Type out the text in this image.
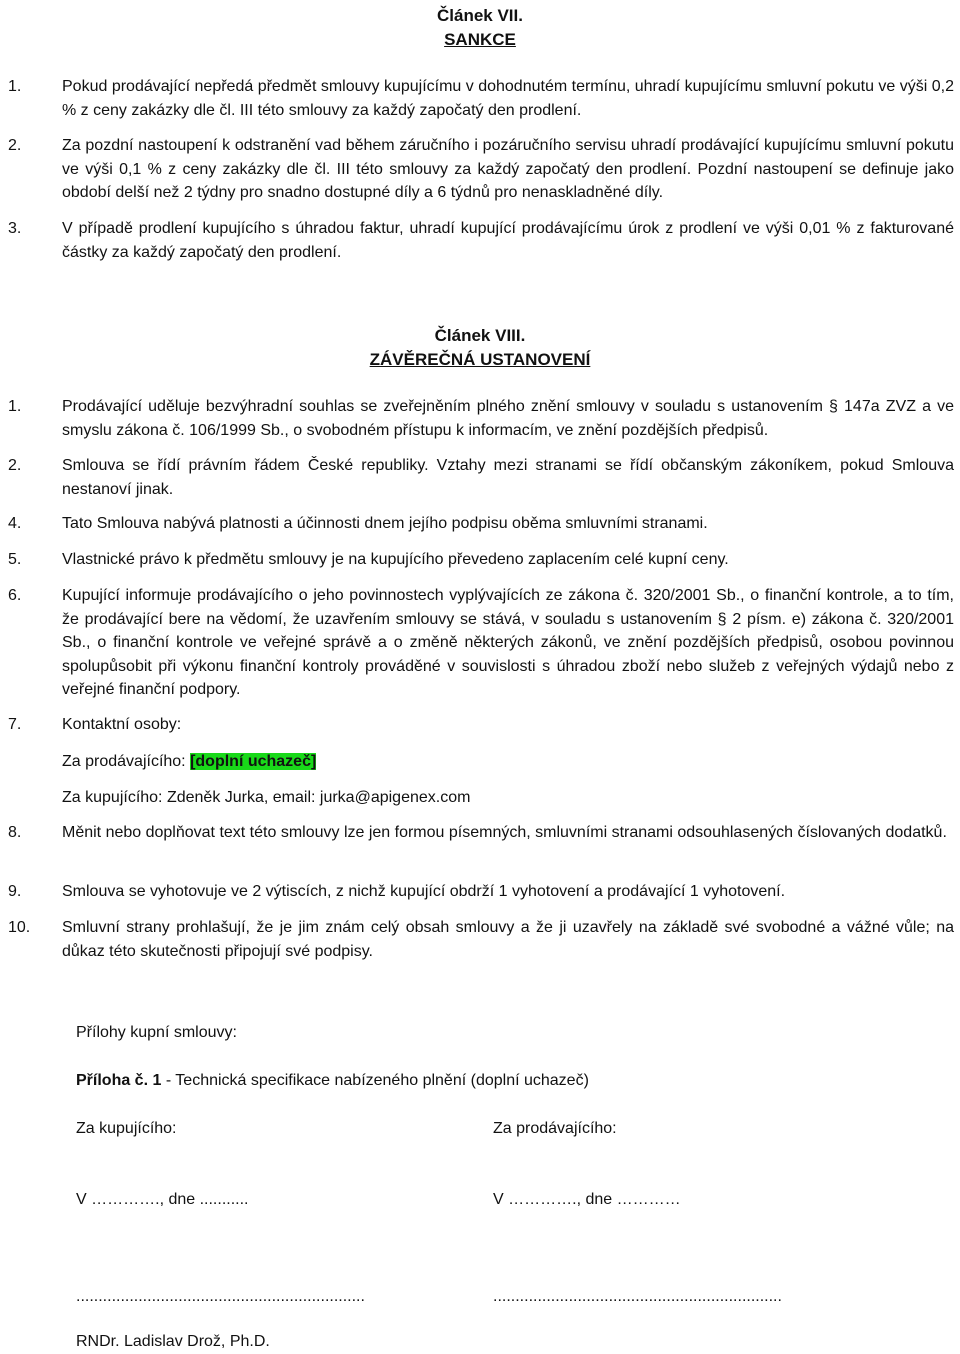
Článek VII.
SANKCE
1.	Pokud prodávající nepředá předmět smlouvy kupujícímu v dohodnutém termínu, uhradí kupujícímu smluvní pokutu ve výši 0,2 % z ceny zakázky dle čl. III této smlouvy za každý započatý den prodlení.
2.	Za pozdní nastoupení k odstranění vad během záručního i pozáručního servisu uhradí prodávající kupujícímu smluvní pokutu ve výši 0,1 % z ceny zakázky dle čl. III této smlouvy za každý započatý den prodlení. Pozdní nastoupení se definuje jako období delší než 2 týdny pro snadno dostupné díly a 6 týdnů pro nenaskladněné díly.
3.	V případě prodlení kupujícího s úhradou faktur, uhradí kupující prodávajícímu úrok z prodlení ve výši 0,01 % z fakturované částky za každý započatý den prodlení.
Článek VIII.
ZÁVĚREČNÁ USTANOVENÍ
1.	Prodávající uděluje bezvýhradní souhlas se zveřejněním plného znění smlouvy v souladu s ustanovením § 147a ZVZ a ve smyslu zákona č. 106/1999 Sb., o svobodném přístupu k informacím, ve znění pozdějších předpisů.
2.	Smlouva se řídí právním řádem České republiky. Vztahy mezi stranami se řídí občanským zákoníkem, pokud Smlouva nestanoví jinak.
4.	Tato Smlouva nabývá platnosti a účinnosti dnem jejího podpisu oběma smluvními stranami.
5.	Vlastnické právo k předmětu smlouvy je na kupujícího převedeno zaplacením celé kupní ceny.
6.	Kupující informuje prodávajícího o jeho povinnostech vyplývajících ze zákona č. 320/2001 Sb., o finanční kontrole, a to tím, že prodávající bere na vědomí, že uzavřením smlouvy se stává, v souladu s ustanovením § 2 písm. e) zákona č. 320/2001 Sb., o finanční kontrole ve veřejné správě a o změně některých zákonů, ve znění pozdějších předpisů, osobou povinnou spolupůsobit při výkonu finanční kontroly prováděné v souvislosti s úhradou zboží nebo služeb z veřejných výdajů nebo z veřejné finanční podpory.
7.	Kontaktní osoby:
Za prodávajícího: [doplní uchazeč]
Za kupujícího: Zdeněk Jurka, email: jurka@apigenex.com
8.	Měnit nebo doplňovat text této smlouvy lze jen formou písemných, smluvními stranami odsouhlasených číslovaných dodatků.
9.	Smlouva se vyhotovuje ve 2 výtiscích, z nichž kupující obdrží 1 vyhotovení a prodávající 1 vyhotovení.
10. Smluvní strany prohlašují, že je jim znám celý obsah smlouvy a že ji uzavřely na základě své svobodné a vážné vůle; na důkaz této skutečnosti připojují své podpisy.
Přílohy kupní smlouvy:
Příloha č. 1 - Technická specifikace nabízeného plnění (doplní uchazeč)
Za kupujícího:	Za prodávajícího:
V …………., dne ...........	V …………., dne …………
.................................................................	.................................................................
RNDr. Ladislav Drož, Ph.D.
